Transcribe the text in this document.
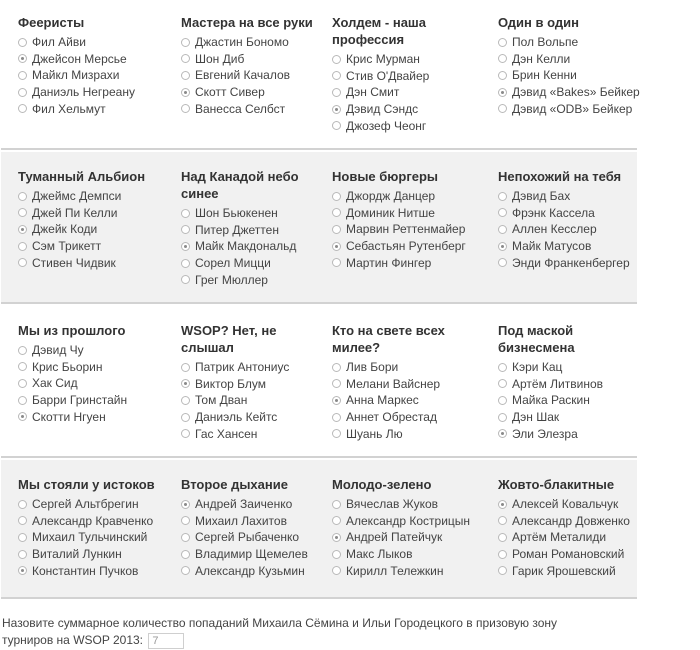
Феериcты
Фил Айви
Джейсон Мерсье
Майкл Мизрахи
Даниэль Негреану
Фил Хельмут
Мастера на все руки
Джастин Бономо
Шон Диб
Евгений Качалов
Скотт Сивер
Ванесса Селбст
Холдем - наша профессия
Крис Мурман
Стив О'Двайер
Дэн Смит
Дэвид Сэндс
Джозеф Чеонг
Один в один
Пол Вольпе
Дэн Келли
Брин Кенни
Дэвид «Bakes» Бейкер
Дэвид «ODB» Бейкер
Туманный Альбион
Джеймс Демпси
Джей Пи Келли
Джейк Коди
Сэм Трикетт
Стивен Чидвик
Над Канадой небо синее
Шон Бьюкенен
Питер Джеттен
Майк Макдональд
Сорел Мицци
Грег Мюллер
Новые бюргеры
Джордж Данцер
Доминик Нитше
Марвин Реттенмайер
Себастьян Рутенберг
Мартин Фингер
Непохожий на тебя
Дэвид Бах
Фрэнк Кассела
Аллен Кесслер
Майк Матусов
Энди Франкенбергер
Мы из прошлого
Дэвид Чу
Крис Бьорин
Хак Сид
Барри Гринстайн
Скотти Нгуен
WSOP? Нет, не слышал
Патрик Антониус
Виктор Блум
Том Дван
Даниэль Кейтс
Гас Хансен
Кто на свете всех милее?
Лив Бори
Мелани Вайснер
Анна Маркес
Аннет Обрестад
Шуань Лю
Под маской бизнесмена
Кэри Кац
Артём Литвинов
Майка Раскин
Дэн Шак
Эли Элезра
Мы стояли у истоков
Сергей Альтбрегин
Александр Кравченко
Михаил Тульчинский
Виталий Лункин
Константин Пучков
Второе дыхание
Андрей Заиченко
Михаил Лахитов
Сергей Рыбаченко
Владимир Щемелев
Александр Кузьмин
Молодо-зелено
Вячеслав Жуков
Александр Кострицын
Андрей Патейчук
Макс Лыков
Кирилл Тележкин
Жовто-блакитные
Алексей Ковальчук
Александр Довженко
Артём Металиди
Роман Романовский
Гарик Ярошевский
Назовите суммарное количество попаданий Михаила Сёмина и Ильи Городецкого в призовую зону турниров на WSOP 2013: 7
